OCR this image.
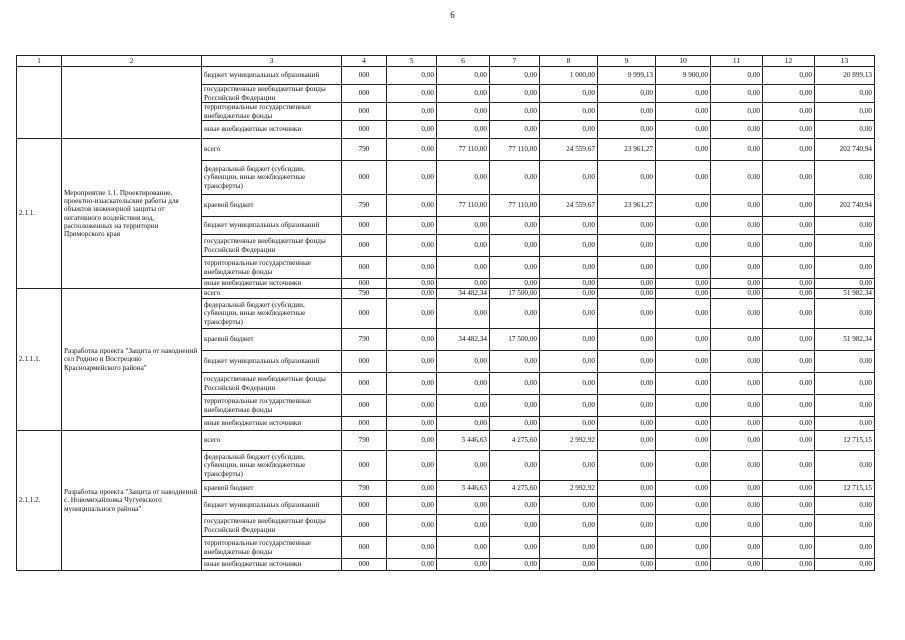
6
1	2	3	4	5	6	7	8	9	10	11	12	13
		бюджет муниципальных образований	000	0,00	0,00	0,00	1 000,00	9 999,13	9 900,00	0,00	0,00	20 899,13
		государственные внебюджетные фонды Российской Федерации	000	0,00	0,00	0,00	0,00	0,00	0,00	0,00	0,00	0,00
		территориальные государственные внебюджетные фонды	000	0,00	0,00	0,00	0,00	0,00	0,00	0,00	0,00	0,00
		иные внебюджетные источники	000	0,00	0,00	0,00	0,00	0,00	0,00	0,00	0,00	0,00
2.1.1.	Мероприятие 1.1. Проектирование, проектно-изыскательские работы для объектов инженерной защиты от негативного воздействия вод, расположенных на территории Приморского края	всего	790	0,00	77 110,00	77 110,00	24 559,67	23 961,27	0,00	0,00	0,00	202 740,94
		федеральный бюджет (субсидии, субвенции, иные межбюджетные трансферты)	000	0,00	0,00	0,00	0,00	0,00	0,00	0,00	0,00	0,00
		краевой бюджет	790	0,00	77 110,00	77 110,00	24 559,67	23 961,27	0,00	0,00	0,00	202 740,94
		бюджет муниципальных образований	000	0,00	0,00	0,00	0,00	0,00	0,00	0,00	0,00	0,00
		государственные внебюджетные фонды Российской Федерации	000	0,00	0,00	0,00	0,00	0,00	0,00	0,00	0,00	0,00
		территориальные государственные внебюджетные фонды	000	0,00	0,00	0,00	0,00	0,00	0,00	0,00	0,00	0,00
		иные внебюджетные источники	000	0,00	0,00	0,00	0,00	0,00	0,00	0,00	0,00	0,00
2.1.1.1.	Разработка проекта "Защита от наводнений сел Родино и Вострецово Красноармейского района"	всего	790	0,00	34 482,34	17 500,00	0,00	0,00	0,00	0,00	0,00	51 982,34
		федеральный бюджет (субсидии, субвенции, иные межбюджетные трансферты)	000	0,00	0,00	0,00	0,00	0,00	0,00	0,00	0,00	0,00
		краевой бюджет	790	0,00	34 482,34	17 500,00	0,00	0,00	0,00	0,00	0,00	51 982,34
		бюджет муниципальных образований	000	0,00	0,00	0,00	0,00	0,00	0,00	0,00	0,00	0,00
		государственные внебюджетные фонды Российской Федерации	000	0,00	0,00	0,00	0,00	0,00	0,00	0,00	0,00	0,00
		территориальные государственные внебюджетные фонды	000	0,00	0,00	0,00	0,00	0,00	0,00	0,00	0,00	0,00
		иные внебюджетные источники	000	0,00	0,00	0,00	0,00	0,00	0,00	0,00	0,00	0,00
2.1.1.2.	Разработка проекта "Защита от наводнений с. Новомихайловка Чугуевского муниципального района"	всего	790	0,00	5 446,63	4 275,60	2 992,92	0,00	0,00	0,00	0,00	12 715,15
		федеральный бюджет (субсидии, субвенции, иные межбюджетные трансферты)	000	0,00	0,00	0,00	0,00	0,00	0,00	0,00	0,00	0,00
		краевой бюджет	790	0,00	5 446,63	4 275,60	2 992,92	0,00	0,00	0,00	0,00	12 715,15
		бюджет муниципальных образований	000	0,00	0,00	0,00	0,00	0,00	0,00	0,00	0,00	0,00
		государственные внебюджетные фонды Российской Федерации	000	0,00	0,00	0,00	0,00	0,00	0,00	0,00	0,00	0,00
		территориальные государственные внебюджетные фонды	000	0,00	0,00	0,00	0,00	0,00	0,00	0,00	0,00	0,00
		иные внебюджетные источники	000	0,00	0,00	0,00	0,00	0,00	0,00	0,00	0,00	0,00
